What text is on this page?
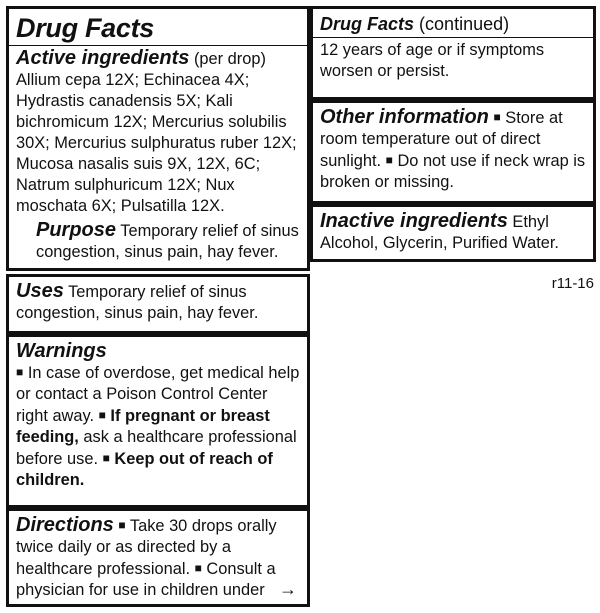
Drug Facts
Active ingredients (per drop) Allium cepa 12X; Echinacea 4X; Hydrastis canadensis 5X; Kali bichromicum 12X; Mercurius solubilis 30X; Mercurius sulphuratus ruber 12X; Mucosa nasalis suis 9X, 12X, 6C; Natrum sulphuricum 12X; Nux moschata 6X; Pulsatilla 12X.
Purpose Temporary relief of sinus congestion, sinus pain, hay fever.
Uses Temporary relief of sinus congestion, sinus pain, hay fever.
Warnings
■ In case of overdose, get medical help or contact a Poison Control Center right away. ■ If pregnant or breast feeding, ask a healthcare professional before use. ■ Keep out of reach of children.
Directions ■ Take 30 drops orally twice daily or as directed by a healthcare professional. ■ Consult a physician for use in children under →
Drug Facts (continued)
12 years of age or if symptoms worsen or persist.
Other information ■ Store at room temperature out of direct sunlight. ■ Do not use if neck wrap is broken or missing.
Inactive ingredients Ethyl Alcohol, Glycerin, Purified Water.
r11-16
